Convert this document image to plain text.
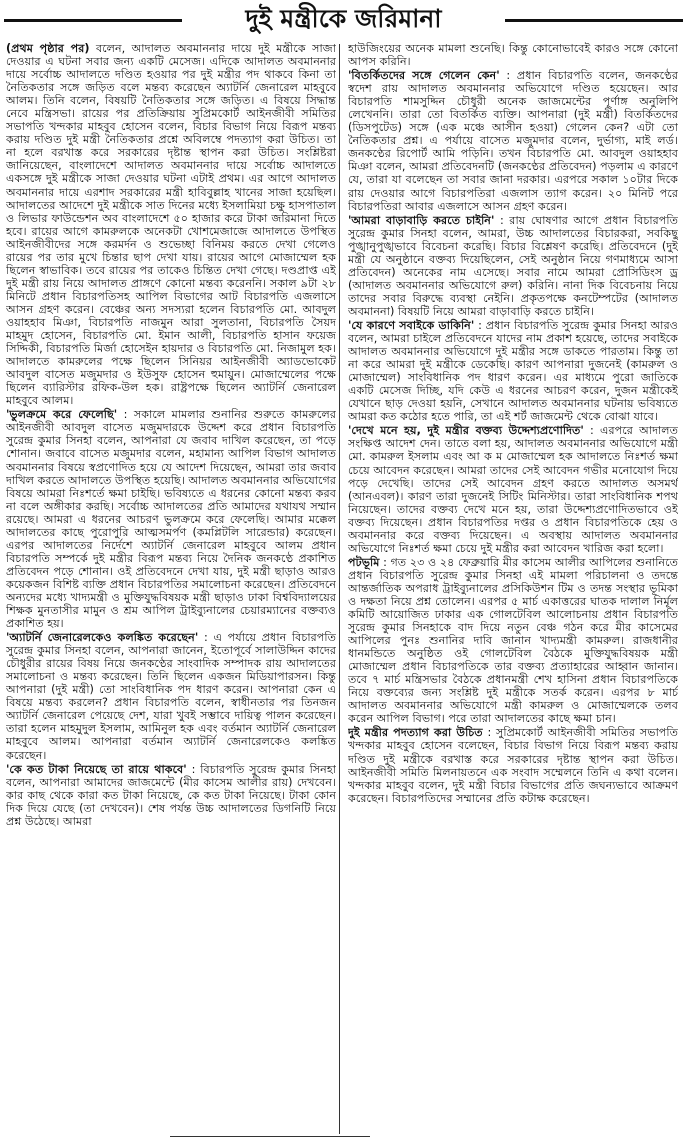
দুই মন্ত্রীকে জরিমানা

(প্রথম পৃষ্ঠার পর) বলেন, আদালত অবমাননার দায়ে দুই মন্ত্রীকে সাজা দেওয়ার এ ঘটনা সবার জন্য একটি মেসেজ। এদিকে আদালত অবমাননার দায়ে সর্বোচ্চ আদালতে দণ্ডিত হওয়ার পর দুই মন্ত্রীর পদ থাকবে কিনা তা নৈতিকতার সঙ্গে জড়িত বলে মন্তব্য করেছেন অ্যাটর্নি জেনারেল মাহবুবে আলম। তিনি বলেন, বিষয়টি নৈতিকতার সঙ্গে জড়িত। এ বিষয়ে সিদ্ধান্ত নেবে মন্ত্রিসভা। রায়ের পর প্রতিক্রিয়ায় সুপ্রিমকোর্ট আইনজীবী সমিতির সভাপতি খন্দকার মাহবুব হোসেন বলেন, বিচার বিভাগ নিয়ে বিরূপ মন্তব্য করায় দণ্ডিত দুই মন্ত্রী নৈতিকতার প্রশ্নে অবিলম্বে পদত্যাগ করা উচিত। তা না হলে বরখাস্ত করে সরকারের দৃষ্টান্ত স্থাপন করা উচিত। সংশ্লিষ্টরা জানিয়েছেন, বাংলাদেশে আদালত অবমাননার দায়ে সর্বোচ্চ আদালতে একসঙ্গে দুই মন্ত্রীকে সাজা দেওয়ার ঘটনা এটাই প্রথম। এর আগে আদালত অবমাননার দায়ে এরশাদ সরকারের মন্ত্রী হাবিবুল্লাহ খানের সাজা হয়েছিল। আদালতের আদেশে দুই মন্ত্রীকে সাত দিনের মধ্যে ইসলামিয়া চক্ষু হাসপাতাল ও লিভার ফাউন্ডেশন অব বাংলাদেশে ৫০ হাজার করে টাকা জরিমানা দিতে হবে। রায়ের আগে কামরুলকে অনেকটা খোশমেজাজে আদালতে উপস্থিত আইনজীবীদের সঙ্গে করমর্দন ও শুভেচ্ছা বিনিময় করতে দেখা গেলেও রায়ের পর তার মুখে চিন্তার ছাপ দেখা যায়। রায়ের আগে মোজাম্মেল হক ছিলেন স্বাভাবিক। তবে রায়ের পর তাকেও চিন্তিত দেখা গেছে। দণ্ডপ্রাপ্ত এই দুই মন্ত্রী রায় নিয়ে আদালত প্রাঙ্গণে কোনো মন্তব্য করেননি। সকাল ৯টা ২৮ মিনিটে প্রধান বিচারপতিসহ আপিল বিভাগের আট বিচারপতি এজলাসে আসন গ্রহণ করেন। বেঞ্চের অন্য সদস্যরা হলেন বিচারপতি মো. আবদুল ওয়াহহাব মিঞা, বিচারপতি নাজমুন আরা সুলতানা, বিচারপতি সৈয়দ মাহমুদ হোসেন, বিচারপতি মো. ইমান আলী, বিচারপতি হাসান ফয়েজ সিদ্দিকী, বিচারপতি মির্জা হোসেইন হায়দার ও বিচারপতি মো. নিজামুল হক। আদালতে কামরুলের পক্ষে ছিলেন সিনিয়র আইনজীবী অ্যাডভোকেট আবদুল বাসেত মজুমদার ও ইউসুফ হোসেন হুমায়ুন। মোজাম্মেলের পক্ষে ছিলেন ব্যারিস্টার রফিক-উল হক। রাষ্ট্রপক্ষে ছিলেন অ্যাটর্নি জেনারেল মাহবুবে আলম।

'ভুলক্রমে করে ফেলেছি' : সকালে মামলার শুনানির শুরুতে কামরুলের আইনজীবী আবদুল বাসেত মজুমদারকে উদ্দেশ করে প্রধান বিচারপতি সুরেন্দ্র কুমার সিনহা বলেন, আপনারা যে জবাব দাখিল করেছেন, তা পড়ে শোনান। জবাবে বাসেত মজুমদার বলেন, মহামান্য আপিল বিভাগ আদালত অবমাননার বিষয়ে স্বপ্রণোদিত হয়ে যে আদেশ দিয়েছেন, আমরা তার জবাব দাখিল করতে আদালতে উপস্থিত হয়েছি। আদালত অবমাননার অভিযোগের বিষয়ে আমরা নিঃশর্তে ক্ষমা চাইছি। ভবিষ্যতে এ ধরনের কোনো মন্তব্য করব না বলে অঙ্গীকার করছি। সর্বোচ্চ আদালতের প্রতি আমাদের যথাযথ সম্মান রয়েছে। আমরা এ ধরনের আচরণ ভুলক্রমে করে ফেলেছি। আমার মক্কেল আদালতের কাছে পুরোপুরি আত্মসমর্পণ (কমপ্লিটলি সারেন্ডার) করেছেন। এরপর আদালতের নির্দেশে অ্যাটর্নি জেনারেল মাহবুবে আলম প্রধান বিচারপতি সম্পর্কে দুই মন্ত্রীর বিরূপ মন্তব্য নিয়ে দৈনিক জনকণ্ঠে প্রকাশিত প্রতিবেদন পড়ে শোনান। ওই প্রতিবেদনে দেখা যায়, দুই মন্ত্রী ছাড়াও আরও কয়েকজন বিশিষ্ট ব্যক্তি প্রধান বিচারপতির সমালোচনা করেছেন। প্রতিবেদনে অন্যদের মধ্যে খাদ্যমন্ত্রী ও মুক্তিযুদ্ধবিষয়ক মন্ত্রী ছাড়াও ঢাকা বিশ্ববিদ্যালয়ের শিক্ষক মুনতাসীর মামুন ও শ্রম আপিল ট্রাইব্যুনালের চেয়ারম্যানের বক্তব্যও প্রকাশিত হয়।

'অ্যাটর্নি জেনারেলকেও কলঙ্কিত করেছেন' : এ পর্যায়ে প্রধান বিচারপতি সুরেন্দ্র কুমার সিনহা বলেন, আপনারা জানেন, ইতোপূর্বে সালাউদ্দিন কাদের চৌধুরীর রায়ের বিষয় নিয়ে জনকণ্ঠের সাংবাদিক সম্পাদক রায় আদালতের সমালোচনা ও মন্তব্য করেছেন। তিনি ছিলেন একজন মিডিয়াপারসন। কিন্তু আপনারা (দুই মন্ত্রী) তো সাংবিধানিক পদ ধারণ করেন। আপনারা কেন এ বিষয়ে মন্তব্য করলেন? প্রধান বিচারপতি বলেন, স্বাধীনতার পর তিনজন অ্যাটর্নি জেনারেল পেয়েছে দেশ, যারা খুবই সম্ভাবে দায়িত্ব পালন করেছেন। তারা হলেন মাহমুদুল ইসলাম, আমিনুল হক এবং বর্তমান অ্যাটর্নি জেনারেল মাহবুবে আলম। আপনারা বর্তমান অ্যাটর্নি জেনারেলকেও কলঙ্কিত করেছেন।

'কে কত টাকা নিয়েছে তা রায়ে থাকবে' : বিচারপতি সুরেন্দ্র কুমার সিনহা বলেন, আপনারা আমাদের জাজমেন্টে (মীর কাসেম আলীর রায়) দেখবেন। কার কাছ থেকে কারা কত টাকা নিয়েছে, কে কত টাকা নিয়েছে। টাকা কোন দিক দিয়ে যেছে (তা দেখবেন)। শেষ পর্যন্ত উচ্চ আদালতের ডিগনিটি নিয়ে প্রশ্ন উঠেছে। আমরা

হাউজিংয়ের অনেক মামলা শুনেছি। কিন্তু কোনোভাবেই কারও সঙ্গে কোনো আপস করিনি।

'বিতর্কিতদের সঙ্গে গেলেন কেন' : প্রধান বিচারপতি বলেন, জনকণ্ঠের স্বদেশ রায় আদালত অবমাননার অভিযোগে দণ্ডিত হয়েছেন। আর বিচারপতি শামসুদ্দিন চৌধুরী অনেক জাজমেন্টের পূর্ণাঙ্গ অনুলিপি লেখেননি। তারা তো বিতর্কিত ব্যক্তি। আপনারা (দুই মন্ত্রী) বিতর্কিতদের (ডিসপুটেড) সঙ্গে (এক মঞ্চে আসীন হওয়া) গেলেন কেন? এটা তো নৈতিকতার প্রশ্ন। এ পর্যায়ে বাসেত মজুমদার বলেন, দুর্ভাগ্য, মাই লর্ড। জনকণ্ঠের রিপোর্ট আমি পড়িনি। তখন বিচারপতি মো. আবদুল ওয়াহহাব মিঞা বলেন, আমরা প্রতিবেদনটি (জনকণ্ঠের প্রতিবেদন) পড়লাম এ কারণে যে, তারা যা বলেছেন তা সবার জানা দরকার। এরপরে সকাল ১০টার দিকে রায় দেওয়ার আগে বিচারপতিরা এজলাস ত্যাগ করেন। ২০ মিনিট পরে বিচারপতিরা আবার এজলাসে আসন গ্রহণ করেন।

'আমরা বাড়াবাড়ি করতে চাইনি' : রায় ঘোষণার আগে প্রধান বিচারপতি সুরেন্দ্র কুমার সিনহা বলেন, আমরা, উচ্চ আদালতের বিচারকরা, সবকিছু পুঙ্খানুপুঙ্খভাবে বিবেচনা করেছি। বিচার বিশ্লেষণ করেছি। প্রতিবেদনে (দুই মন্ত্রী যে অনুষ্ঠানে বক্তব্য দিয়েছিলেন, সেই অনুষ্ঠান নিয়ে গণমাধ্যমে আসা প্রতিবেদন) অনেকের নাম এসেছে। সবার নামে আমরা প্রোসিডিংস ড্র (আদালত অবমাননার অভিযোগে রুল) করিনি। নানা দিক বিবেচনায় নিয়ে তাদের সবার বিরুদ্ধে ব্যবস্থা নেইনি। প্রকৃতপক্ষে কনটেম্পটের (আদালত অবমাননা) বিষয়টি নিয়ে আমরা বাড়াবাড়ি করতে চাইনি।

'যে কারণে সবাইকে ডাকিনি' : প্রধান বিচারপতি সুরেন্দ্র কুমার সিনহা আরও বলেন, আমরা চাইলে প্রতিবেদনে যাদের নাম প্রকাশ হয়েছে, তাদের সবাইকে আদালত অবমাননার অভিযোগে দুই মন্ত্রীর সঙ্গে ডাকতে পারতাম। কিন্তু তা না করে আমরা দুই মন্ত্রীকে ডেকেছি। কারণ আপনারা দুজনেই (কামরুল ও মোজাম্মেল) সাংবিধানিক পদ ধারণ করেন। এর মাধ্যমে পুরো জাতিকে একটি মেসেজ দিচ্ছি, যদি কেউ এ ধরনের আচরণ করেন, দুজন মন্ত্রীকেই যেখানে ছাড় দেওয়া হয়নি, সেখানে আদালত অবমাননার ঘটনায় ভবিষ্যতে আমরা কত কঠোর হতে পারি, তা এই শর্ট জাজমেন্ট থেকে বোঝা যাবে।

'দেখে মনে হয়, দুই মন্ত্রীর বক্তব্য উদ্দেশ্যপ্রণোদিত' : এরপরে আদালত সংক্ষিপ্ত আদেশ দেন। তাতে বলা হয়, আদালত অবমাননার অভিযোগে মন্ত্রী মো. কামরুল ইসলাম এবং আ ক ম মোজাম্মেল হক আদালতে নিঃশর্ত ক্ষমা চেয়ে আবেদন করেছেন। আমরা তাদের সেই আবেদন গভীর মনোযোগ দিয়ে পড়ে দেখেছি। তাদের সেই আবেদন গ্রহণ করতে আদালত অসমর্থ (আনএবল)। কারণ তারা দুজনেই সিটিং মিনিস্টার। তারা সাংবিধানিক শপথ নিয়েছেন। তাদের বক্তব্য দেখে মনে হয়, তারা উদ্দেশ্যপ্রণোদিতভাবে ওই বক্তব্য দিয়েছেন। প্রধান বিচারপতির দপ্তর ও প্রধান বিচারপতিকে হেয় ও অবমাননার করে বক্তব্য দিয়েছেন। এ অবস্থায় আদালত অবমাননার অভিযোগে নিঃশর্ত ক্ষমা চেয়ে দুই মন্ত্রীর করা আবেদন খারিজ করা হলো।

পটভূমি : গত ২৩ ও ২৪ ফেব্রুয়ারি মীর কাসেম আলীর আপিলের শুনানিতে প্রধান বিচারপতি সুরেন্দ্র কুমার সিনহা এই মামলা পরিচালনা ও তদন্তে আন্তর্জাতিক অপরাধ ট্রাইব্যুনালের প্রসিকিউশন টিম ও তদন্ত সংস্থার ভূমিকা ও দক্ষতা নিয়ে প্রশ্ন তোলেন। এরপর ৫ মার্চ একাত্তরের ঘাতক দালাল নির্মূল কমিটি আয়োজিত ঢাকার এক গোলটেবিল আলোচনায় প্রধান বিচারপতি সুরেন্দ্র কুমার সিনহাকে বাদ দিয়ে নতুন বেঞ্চ গঠন করে মীর কাসেমের আপিলের পুনঃ শুনানির দাবি জানান খাদ্যমন্ত্রী কামরুল। রাজধানীর ধানমন্ডিতে অনুষ্ঠিত ওই গোলটেবিল বৈঠকে মুক্তিযুদ্ধবিষয়ক মন্ত্রী মোজাম্মেল প্রধান বিচারপতিকে তার বক্তব্য প্রত্যাহারের আহ্বান জানান। তবে ৭ মার্চ মন্ত্রিসভার বৈঠকে প্রধানমন্ত্রী শেখ হাসিনা প্রধান বিচারপতিকে নিয়ে বক্তব্যের জন্য সংশ্লিষ্ট দুই মন্ত্রীকে সতর্ক করেন। এরপর ৮ মার্চ আদালত অবমাননার অভিযোগে মন্ত্রী কামরুল ও মোজাম্মেলকে তলব করেন আপিল বিভাগ। পরে তারা আদালতের কাছে ক্ষমা চান।

দুই মন্ত্রীর পদত্যাগ করা উচিত : সুপ্রিমকোর্ট আইনজীবী সমিতির সভাপতি খন্দকার মাহবুব হোসেন বলেছেন, বিচার বিভাগ নিয়ে বিরূপ মন্তব্য করায় দণ্ডিত দুই মন্ত্রীকে বরখাস্ত করে সরকারের দৃষ্টান্ত স্থাপন করা উচিত। আইনজীবী সমিতি মিলনায়তনে এক সংবাদ সম্মেলনে তিনি এ কথা বলেন। খন্দকার মাহবুব বলেন, দুই মন্ত্রী বিচার বিভাগের প্রতি জঘন্যভাবে আক্রমণ করেছেন। বিচারপতিদের সম্মানের প্রতি কটাক্ষ করেছেন।
